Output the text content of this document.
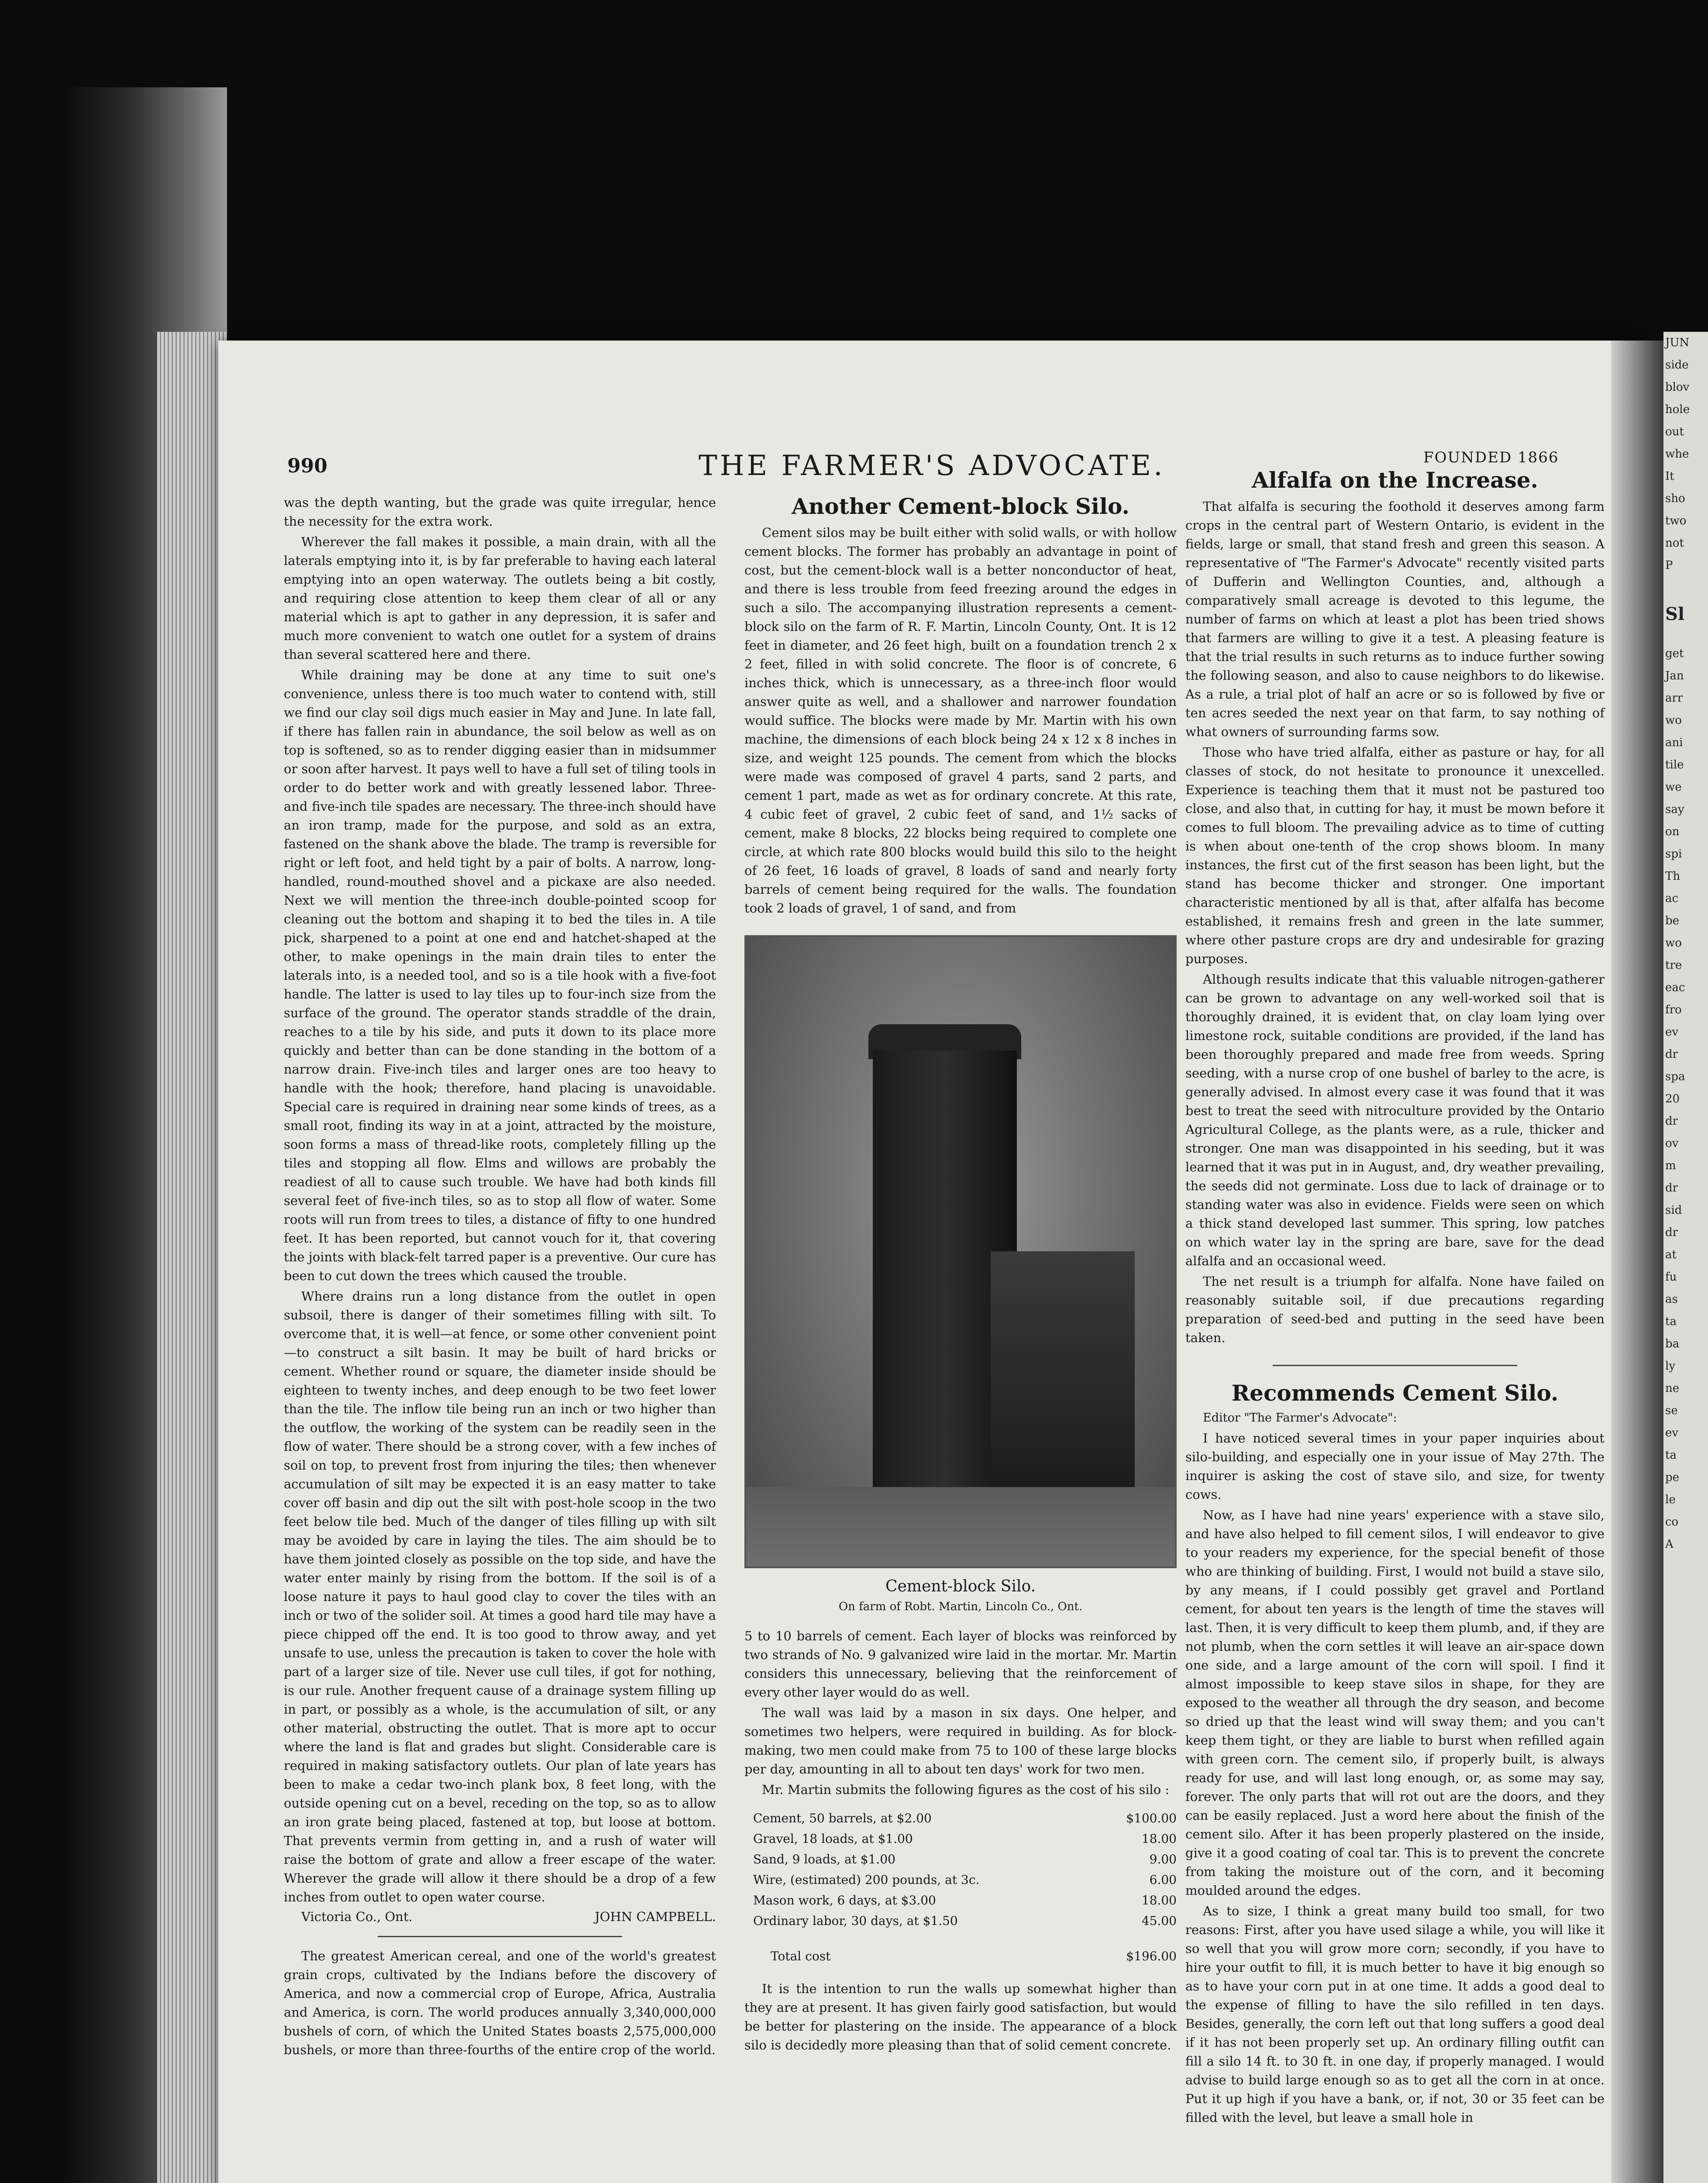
990	THE FARMER'S ADVOCATE.	FOUNDED 1866

was the depth wanting, but the grade was quite irregular, hence the necessity for the extra work.

Wherever the fall makes it possible, a main drain, with all the laterals emptying into it, is by far preferable to having each lateral emptying into an open waterway. The outlets being a bit costly, and requiring close attention to keep them clear of all or any material which is apt to gather in any depression, it is safer and much more convenient to watch one outlet for a system of drains than several scattered here and there.

While draining may be done at any time to suit one's convenience, unless there is too much water to contend with, still we find our clay soil digs much easier in May and June. In late fall, if there has fallen rain in abundance, the soil below as well as on top is softened, so as to render digging easier than in midsummer or soon after harvest. It pays well to have a full set of tiling tools in order to do better work and with greatly lessened labor. Three- and five-inch tile spades are necessary. The three-inch should have an iron tramp, made for the purpose, and sold as an extra, fastened on the shank above the blade. The tramp is reversible for right or left foot, and held tight by a pair of bolts. A narrow, long-handled, round-mouthed shovel and a pickaxe are also needed. Next we will mention the three-inch double-pointed scoop for cleaning out the bottom and shaping it to bed the tiles in. A tile pick, sharpened to a point at one end and hatchet-shaped at the other, to make openings in the main drain tiles to enter the laterals into, is a needed tool, and so is a tile hook with a five-foot handle. The latter is used to lay tiles up to four-inch size from the surface of the ground. The operator stands straddle of the drain, reaches to a tile by his side, and puts it down to its place more quickly and better than can be done standing in the bottom of a narrow drain. Five-inch tiles and larger ones are too heavy to handle with the hook; therefore, hand placing is unavoidable. Special care is required in draining near some kinds of trees, as a small root, finding its way in at a joint, attracted by the moisture, soon forms a mass of thread-like roots, completely filling up the tiles and stopping all flow. Elms and willows are probably the readiest of all to cause such trouble. We have had both kinds fill several feet of five-inch tiles, so as to stop all flow of water. Some roots will run from trees to tiles, a distance of fifty to one hundred feet. It has been reported, but cannot vouch for it, that covering the joints with black-felt tarred paper is a preventive. Our cure has been to cut down the trees which caused the trouble.

Where drains run a long distance from the outlet in open subsoil, there is danger of their sometimes filling with silt. To overcome that, it is well—at fence, or some other convenient point—to construct a silt basin. It may be built of hard bricks or cement. Whether round or square, the diameter inside should be eighteen to twenty inches, and deep enough to be two feet lower than the tile. The inflow tile being run an inch or two higher than the outflow, the working of the system can be readily seen in the flow of water. There should be a strong cover, with a few inches of soil on top, to prevent frost from injuring the tiles; then whenever accumulation of silt may be expected it is an easy matter to take cover off basin and dip out the silt with post-hole scoop in the two feet below tile bed. Much of the danger of tiles filling up with silt may be avoided by care in laying the tiles. The aim should be to have them jointed closely as possible on the top side, and have the water enter mainly by rising from the bottom. If the soil is of a loose nature it pays to haul good clay to cover the tiles with an inch or two of the solider soil. At times a good hard tile may have a piece chipped off the end. It is too good to throw away, and yet unsafe to use, unless the precaution is taken to cover the hole with part of a larger size of tile. Never use cull tiles, if got for nothing, is our rule. Another frequent cause of a drainage system filling up in part, or possibly as a whole, is the accumulation of silt, or any other material, obstructing the outlet. That is more apt to occur where the land is flat and grades but slight. Considerable care is required in making satisfactory outlets. Our plan of late years has been to make a cedar two-inch plank box, 8 feet long, with the outside opening cut on a bevel, receding on the top, so as to allow an iron grate being placed, fastened at top, but loose at bottom. That prevents vermin from getting in, and a rush of water will raise the bottom of grate and allow a freer escape of the water. Wherever the grade will allow it there should be a drop of a few inches from outlet to open water course.

Victoria Co., Ont.	JOHN CAMPBELL.

The greatest American cereal, and one of the world's greatest grain crops, cultivated by the Indians before the discovery of America, and now a commercial crop of Europe, Africa, Australia and America, is corn. The world produces annually 3,340,000,000 bushels of corn, of which the United States boasts 2,575,000,000 bushels, or more than three-fourths of the entire crop of the world.

Another Cement-block Silo.

Cement silos may be built either with solid walls, or with hollow cement blocks. The former has probably an advantage in point of cost, but the cement-block wall is a better nonconductor of heat, and there is less trouble from feed freezing around the edges in such a silo. The accompanying illustration represents a cement-block silo on the farm of R. F. Martin, Lincoln County, Ont. It is 12 feet in diameter, and 26 feet high, built on a foundation trench 2 x 2 feet, filled in with solid concrete. The floor is of concrete, 6 inches thick, which is unnecessary, as a three-inch floor would answer quite as well, and a shallower and narrower foundation would suffice. The blocks were made by Mr. Martin with his own machine, the dimensions of each block being 24 x 12 x 8 inches in size, and weight 125 pounds. The cement from which the blocks were made was composed of gravel 4 parts, sand 2 parts, and cement 1 part, made as wet as for ordinary concrete. At this rate, 4 cubic feet of gravel, 2 cubic feet of sand, and 1½ sacks of cement, make 8 blocks, 22 blocks being required to complete one circle, at which rate 800 blocks would build this silo to the height of 26 feet, 16 loads of gravel, 8 loads of sand and nearly forty barrels of cement being required for the walls. The foundation took 2 loads of gravel, 1 of sand, and from

Cement-block Silo.
On farm of Robt. Martin, Lincoln Co., Ont.

5 to 10 barrels of cement. Each layer of blocks was reinforced by two strands of No. 9 galvanized wire laid in the mortar. Mr. Martin considers this unnecessary, believing that the reinforcement of every other layer would do as well.

The wall was laid by a mason in six days. One helper, and sometimes two helpers, were required in building. As for block-making, two men could make from 75 to 100 of these large blocks per day, amounting in all to about ten days' work for two men.

Mr. Martin submits the following figures as the cost of his silo :

Cement, 50 barrels, at $2.00	$100.00
Gravel, 18 loads, at $1.00	18.00
Sand, 9 loads, at $1.00	9.00
Wire, (estimated) 200 pounds, at 3c.	6.00
Mason work, 6 days, at $3.00	18.00
Ordinary labor, 30 days, at $1.50	45.00
Total cost	$196.00

It is the intention to run the walls up somewhat higher than they are at present. It has given fairly good satisfaction, but would be better for plastering on the inside. The appearance of a block silo is decidedly more pleasing than that of solid cement concrete.

Alfalfa on the Increase.

That alfalfa is securing the foothold it deserves among farm crops in the central part of Western Ontario, is evident in the fields, large or small, that stand fresh and green this season. A representative of "The Farmer's Advocate" recently visited parts of Dufferin and Wellington Counties, and, although a comparatively small acreage is devoted to this legume, the number of farms on which at least a plot has been tried shows that farmers are willing to give it a test. A pleasing feature is that the trial results in such returns as to induce further sowing the following season, and also to cause neighbors to do likewise. As a rule, a trial plot of half an acre or so is followed by five or ten acres seeded the next year on that farm, to say nothing of what owners of surrounding farms sow.

Those who have tried alfalfa, either as pasture or hay, for all classes of stock, do not hesitate to pronounce it unexcelled. Experience is teaching them that it must not be pastured too close, and also that, in cutting for hay, it must be mown before it comes to full bloom. The prevailing advice as to time of cutting is when about one-tenth of the crop shows bloom. In many instances, the first cut of the first season has been light, but the stand has become thicker and stronger. One important characteristic mentioned by all is that, after alfalfa has become established, it remains fresh and green in the late summer, where other pasture crops are dry and undesirable for grazing purposes.

Although results indicate that this valuable nitrogen-gatherer can be grown to advantage on any well-worked soil that is thoroughly drained, it is evident that, on clay loam lying over limestone rock, suitable conditions are provided, if the land has been thoroughly prepared and made free from weeds. Spring seeding, with a nurse crop of one bushel of barley to the acre, is generally advised. In almost every case it was found that it was best to treat the seed with nitroculture provided by the Ontario Agricultural College, as the plants were, as a rule, thicker and stronger. One man was disappointed in his seeding, but it was learned that it was put in in August, and, dry weather prevailing, the seeds did not germinate. Loss due to lack of drainage or to standing water was also in evidence. Fields were seen on which a thick stand developed last summer. This spring, low patches on which water lay in the spring are bare, save for the dead alfalfa and an occasional weed.

The net result is a triumph for alfalfa. None have failed on reasonably suitable soil, if due precautions regarding preparation of seed-bed and putting in the seed have been taken.

Recommends Cement Silo.

Editor "The Farmer's Advocate":

I have noticed several times in your paper inquiries about silo-building, and especially one in your issue of May 27th. The inquirer is asking the cost of stave silo, and size, for twenty cows.

Now, as I have had nine years' experience with a stave silo, and have also helped to fill cement silos, I will endeavor to give to your readers my experience, for the special benefit of those who are thinking of building. First, I would not build a stave silo, by any means, if I could possibly get gravel and Portland cement, for about ten years is the length of time the staves will last. Then, it is very difficult to keep them plumb, and, if they are not plumb, when the corn settles it will leave an air-space down one side, and a large amount of the corn will spoil. I find it almost impossible to keep stave silos in shape, for they are exposed to the weather all through the dry season, and become so dried up that the least wind will sway them; and you can't keep them tight, or they are liable to burst when refilled again with green corn. The cement silo, if properly built, is always ready for use, and will last long enough, or, as some may say, forever. The only parts that will rot out are the doors, and they can be easily replaced. Just a word here about the finish of the cement silo. After it has been properly plastered on the inside, give it a good coating of coal tar. This is to prevent the concrete from taking the moisture out of the corn, and it becoming moulded around the edges.

As to size, I think a great many build too small, for two reasons: First, after you have used silage a while, you will like it so well that you will grow more corn; secondly, if you have to hire your outfit to fill, it is much better to have it big enough so as to have your corn put in at one time. It adds a good deal to the expense of filling to have the silo refilled in ten days. Besides, generally, the corn left out that long suffers a good deal if it has not been properly set up. An ordinary filling outfit can fill a silo 14 ft. to 30 ft. in one day, if properly managed. I would advise to build large enough so as to get all the corn in at once. Put it up high if you have a bank, or, if not, 30 or 35 feet can be filled with the level, but leave a small hole in

JUN
side
blov
hole
out
whe
It
sho
two
not
P
Sl
get
Jan
arr
wo
ani
tile
we
say
on
spi
Th
ac
be
wo
tre
eac
fro
ev
dr
spa
20
dr
ov
m
dr
sid
dr
at
fu
as
ta
ba
ly
ne
se
ev
ta
pe
le
co
A
